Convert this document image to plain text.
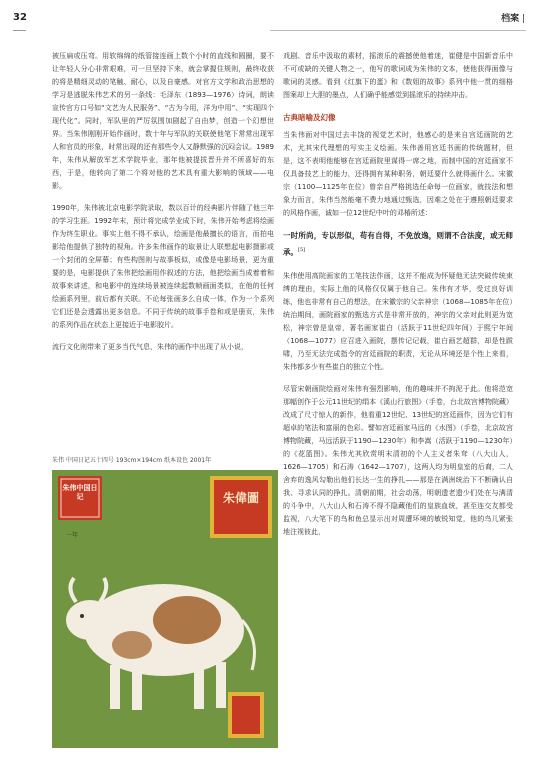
32	档案 |

被压扁或压弯。用软绵绵的纸管接连画上数个小时的直线和圆圈，要不让年轻人分心非常艰难，可一旦坚持下来，就会掌握住规则，最终收获的将是精细灵动的笔触、耐心，以及自豪感。对官方文学和政治思想的学习是逃脱朱伟艺术的另一条线：毛泽东（1893—1976）诗词，朗读宣传官方口号如“文艺为人民服务”、“古为今用，洋为中用”、“实现四个现代化”。同时，军队里的严厉氛围加剧起了自由梦，创造一个幻想世界。当朱伟刚刚开始作画时，数十年与军队的关联使他笔下常常出现军人和官员的形象，时常出现的还有那些令人又静默强的沉闷会议。1989年，朱伟从解放军艺术学院毕业，那年他被提拔晋升并不所喜好的东西，于是，他转向了第二个将对他的艺术具有重大影响的领域——电影。

1990年，朱伟被北京电影学院录取，数以百计的经典影片伴随了他三年的学习生涯。1992年末，预计将完成学业成下时，朱伟开始考虑将绘画作为终生职业。事实上他不得不承认，绘画是他最擅长的语言，而拍电影给他提供了独特的视角。许多朱伟画作的取景让人联想起电影摄影或一个封闭的全屏幕；有些构图则与故事板似，或像是电影场景，更为重要的是，电影提供了朱伟把绘画用作叙述的方法，他把绘画当成着着和故事来讲述，和电影中的连续场景被连续起数帧画面类似，在他的任何绘画系列里，前后都有关联。不论每张画多么自成一体，作为一个系列它们还是会透露出更多信息。不同于传统的故事手卷和或是册页，朱伟的系列作品在状态上更接近于电影胶片。

流行文化则带来了更多当代气息，朱伟的画作中出现了从小说，

朱伟 中国日记五十四号 193cm×194cm 纸本设色 2001年

朱伟中国日记	朱偉圖
一年

戏剧、音乐中汲取的素材，摇滚乐的震撼使他着迷，崔健是中国新音乐中不可或缺的关键人物之一，他写的歌词成为朱伟的文本，使他获得面像与歌词的灵感。看到《红旗下的蛋》和《数姐的故事》系列中他一贯的细格图案却上大胆的墨点，人们确乎能感觉到摇滚乐的持续冲击。

古典暗喻及幻像

当朱伟面对中国过去丰饶的视觉艺术时，他感心的是来自宫廷画院的艺术，尤其宋代理想的写实主义绘画。朱伟善用宫廷书画的传统题材，但是，这不表明他能够在宫廷画院里谋得一席之地，而制中国的宫廷画家不仅具备技艺上的能力，还得拥有某种职务，朝廷要什么就得画什么。宋徽宗（1100—1125年在位）曾亲自严格挑选任命每一位画家，就技法和想象力而言，朱伟当然能毫不费力地通过甄选，因难之处在于遵照朝廷要求的风格作画，诚如一位12世纪中叶的邓椿所述：

一时所尚，专以形似，苟有自得，不免放逸，则谓不合法度，或无师承。[5]

朱伟使用高院画家的工笔技法作画，这并不能成为怀疑他无法突破传统束缚的理由，实际上他的风格仅仅属于他自己。朱伟有才华，受过良好训练，他也非常有自己的想法，在宋徽宗的父亲神宗（1068—1085年在位）统治期间，画院画家的甄选方式是非常开放的，神宗的父亲对此则更为宽松，神宗曾是皇帝，著名画家崔白（活跃于11世纪四年间）于熙宁年间（1068—1077）应召进入画院，摆传记记载，崔白画艺超群，却是性跋啸，乃至无法完成指令的宫廷画院的职责，无论从环境还是个性上来看，朱伟都多少有些崔白的独立个性。

尽管宋朝画院绘画对朱伟有强烈影响，他的趣味并不拘泥于此。他将范宽那幅创作于公元11世纪的绢本《溪山行旅图》（手卷，台北故宫博物院藏）改成了尺寸惊人的新作，他看重12世纪、13世纪的宫廷画作，因为它们有超卓的笔法和富丽的色彩。譬如宫廷画家马远的《水图》（手卷，北京故宫博物院藏，马远活跃于1190—1230年）和李嵩（活跃于1190—1230年）的《花篮图》。朱伟尤其欣赏明末清初的个人主义者朱耷（八大山人，1626—1705）和石涛（1642—1707），这两人均为明皇室的后裔，二人舍弃的逸风勾勒出他们长达一生的挣扎——那是在满洲统治下不断确认自我、寻求认同的挣扎。清朝前期，社会动荡，明朝遗老遗少们处在与满清的斗争中，八大山人和石涛不得不隐藏他们的皇族血统，甚至连交友都受监视，八大笔下的鸟和鱼总显示出对周遭环境的敏锐知觉，他的鸟儿紧张地注视彼此，
